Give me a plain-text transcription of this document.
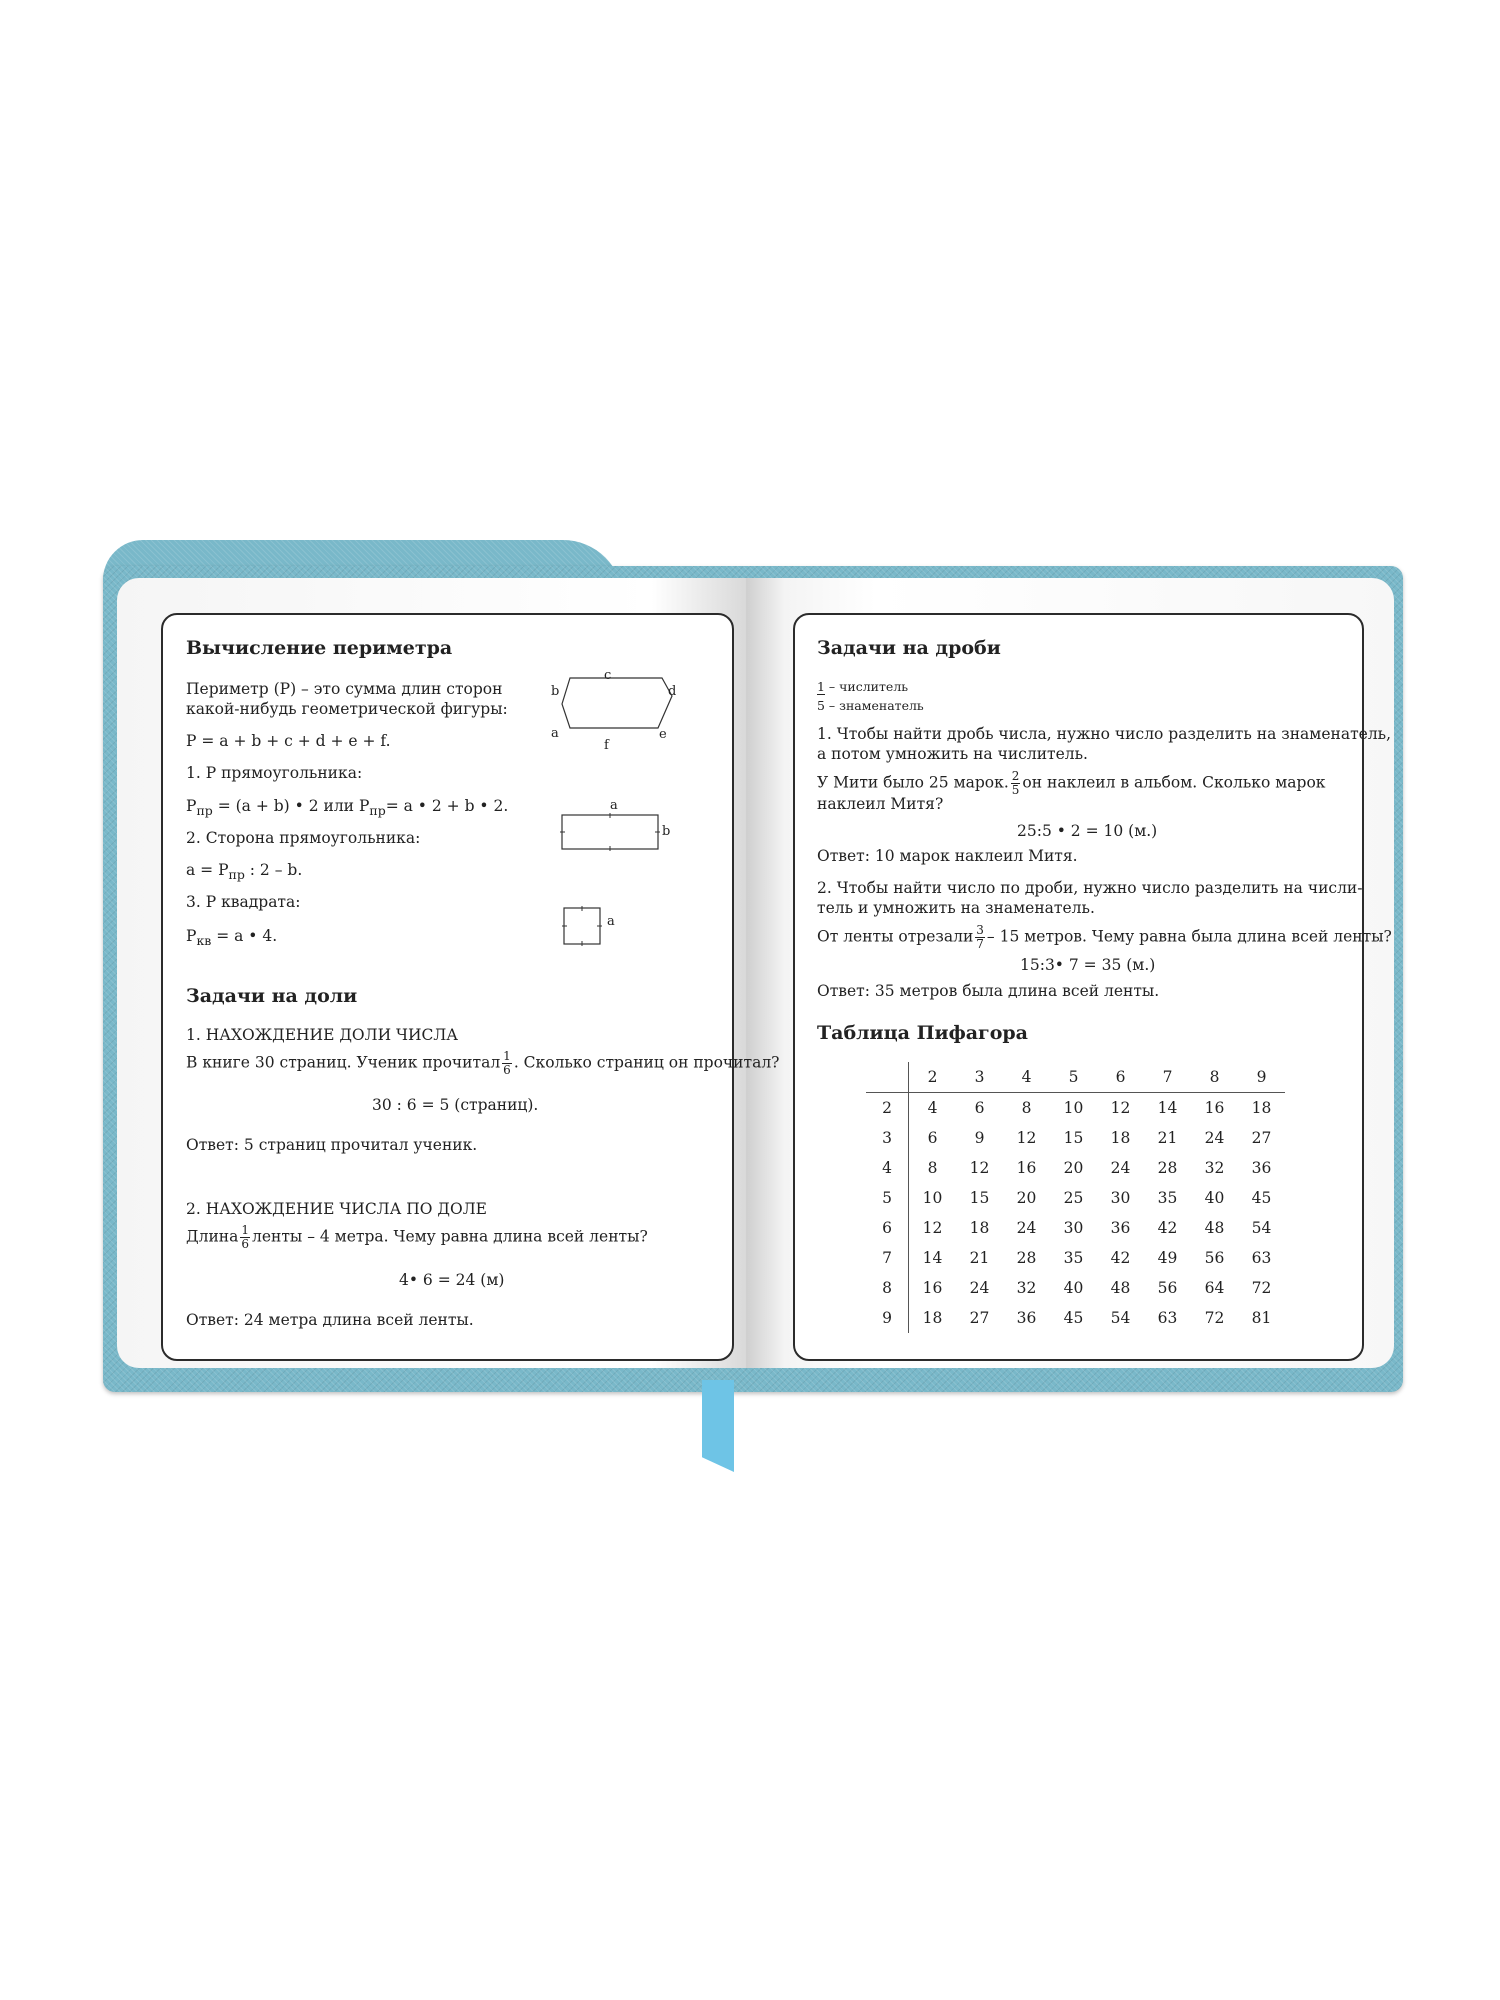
Вычисление периметра
Периметр (Р) – это сумма длин сторон
какой-нибудь геометрической фигуры:
Р = a + b + c + d + e + f.
1. Р прямоугольника:
$Р_{пр} = (a + b)$ • 2 или $Р_{пр}= a$ • 2 + b • 2.
2. Сторона прямоугольника:
$a = Р_{пр}$ : 2 – b.
3. Р квадрата:
$Р_{кв} = a$ • 4.
c
b	d
a	e
f
a
b
a
Задачи на доли
1. НАХОЖДЕНИЕ ДОЛИ ЧИСЛА
В книге 30 страниц. Ученик прочитал $\frac{1}{6}$ . Сколько страниц он прочитал?
30 : 6 = 5 (страниц).
Ответ: 5 страниц прочитал ученик.
2. НАХОЖДЕНИЕ ЧИСЛА ПО ДОЛЕ
Длина $\frac{1}{6}$ ленты – 4 метра. Чему равна длина всей ленты?
4• 6 = 24 (м)
Ответ: 24 метра длина всей ленты.
Задачи на дроби
1 – числитель
5 – знаменатель
1. Чтобы найти дробь числа, нужно число разделить на знаменатель,
а потом умножить на числитель.
У Мити было 25 марок. $\frac{2}{5}$ он наклеил в альбом. Сколько марок
наклеил Митя?
25:5 • 2 = 10 (м.)
Ответ: 10 марок наклеил Митя.
2. Чтобы найти число по дроби, нужно число разделить на числи-
тель и умножить на знаменатель.
От ленты отрезали $\frac{3}{7} - 15$ метров. Чему равна была длина всей ленты?
15:3• 7 = 35 (м.)
Ответ: 35 метров была длина всей ленты.
Таблица Пифагора
	2	3	4	5	6	7	8	9
2	4	6	8	10	12	14	16	18
3	6	9	12	15	18	21	24	27
4	8	12	16	20	24	28	32	36
5	10	15	20	25	30	35	40	45
6	12	18	24	30	36	42	48	54
7	14	21	28	35	42	49	56	63
8	16	24	32	40	48	56	64	72
9	18	27	36	45	54	63	72	81
